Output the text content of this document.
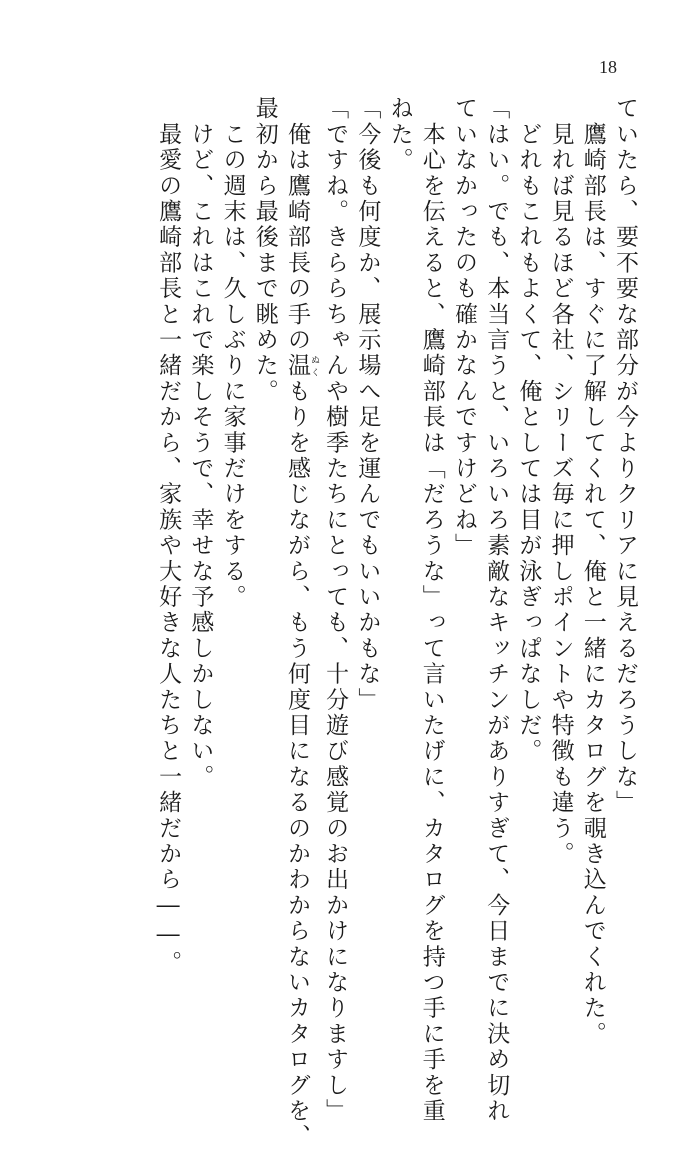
18

ていたら、要不要な部分が今よりクリアに見えるだろうしな」

　鷹崎部長は、すぐに了解してくれて、俺と一緒にカタログを覗き込んでくれた。

　見れば見るほど各社、シリーズ毎に押しポイントや特徴も違う。

　どれもこれもよくて、俺としては目が泳ぎっぱなしだ。

「はい。でも、本当言うと、いろいろ素敵なキッチンがありすぎて、今日までに決め切れ

ていなかったのも確かなんですけどね」

　本心を伝えると、鷹崎部長は「だろうな」って言いたげに、カタログを持つ手に手を重

ねた。

「今後も何度か、展示場へ足を運んでもいいかもな」

「ですね。きららちゃんや樹季たちにとっても、十分遊び感覚のお出かけになりますし」

　俺は鷹崎部長の手の温 ぬくもりを感じながら、もう何度目になるのかわからないカタログを、

最初から最後まで眺めた。

　この週末は、久しぶりに家事だけをする。

　けど、これはこれで楽しそうで、幸せな予感しかしない。

　最愛の鷹崎部長と一緒だから、家族や大好きな人たちと一緒だから――。
